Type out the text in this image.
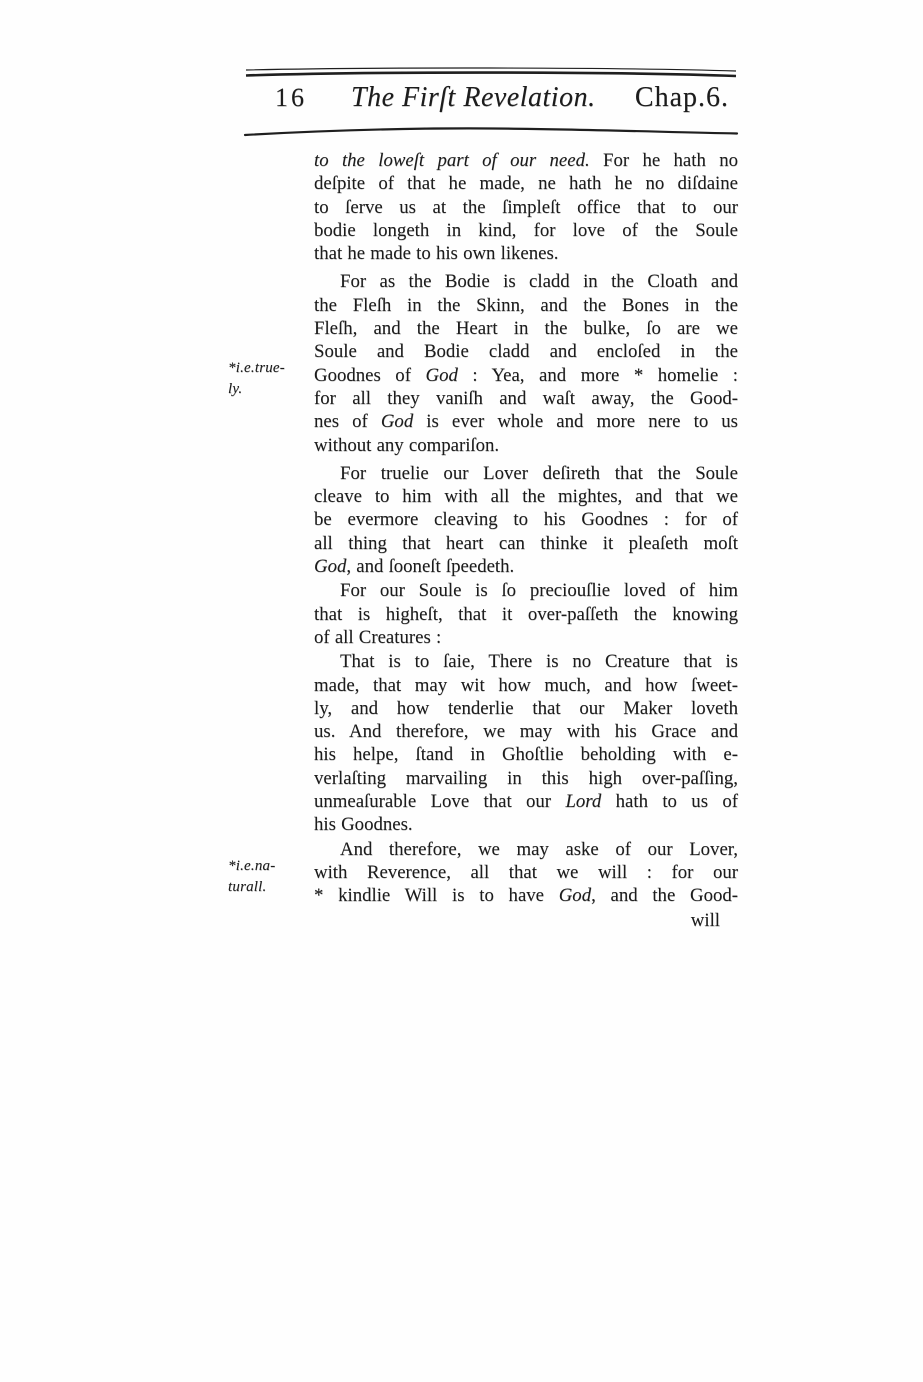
16	The Firſt Revelation. Chap.6.
*i.e.true-
ly.
*i.e.na-
turall.
to the loweſt part of our need. For he hath no
deſpite of that he made, ne hath he no diſdaine
to ſerve us at the ſimpleſt office that to our
bodie longeth in kind, for love of the Soule
that he made to his own likenes.
For as the Bodie is cladd in the Cloath and
the Fleſh in the Skinn, and the Bones in the
Fleſh, and the Heart in the bulke, ſo are we
Soule and Bodie cladd and encloſed in the
Goodnes of God : Yea, and more * homelie :
for all they vaniſh and waſt away, the Good-
nes of God is ever whole and more nere to us
without any compariſon.
For truelie our Lover deſireth that the Soule
cleave to him with all the mightes, and that we
be evermore cleaving to his Goodnes : for of
all thing that heart can thinke it pleaſeth moſt
God, and ſooneſt ſpeedeth.
For our Soule is ſo preciouſlie loved of him
that is higheſt, that it over-paſſeth the knowing
of all Creatures :
That is to ſaie, There is no Creature that is
made, that may wit how much, and how ſweet-
ly, and how tenderlie that our Maker loveth
us. And therefore, we may with his Grace and
his helpe, ſtand in Ghoſtlie beholding with e-
verlaſting marvailing in this high over-paſſing,
unmeaſurable Love that our Lord hath to us of
his Goodnes.
And therefore, we may aske of our Lover,
with Reverence, all that we will : for our
* kindlie Will is to have God, and the Good-
will
